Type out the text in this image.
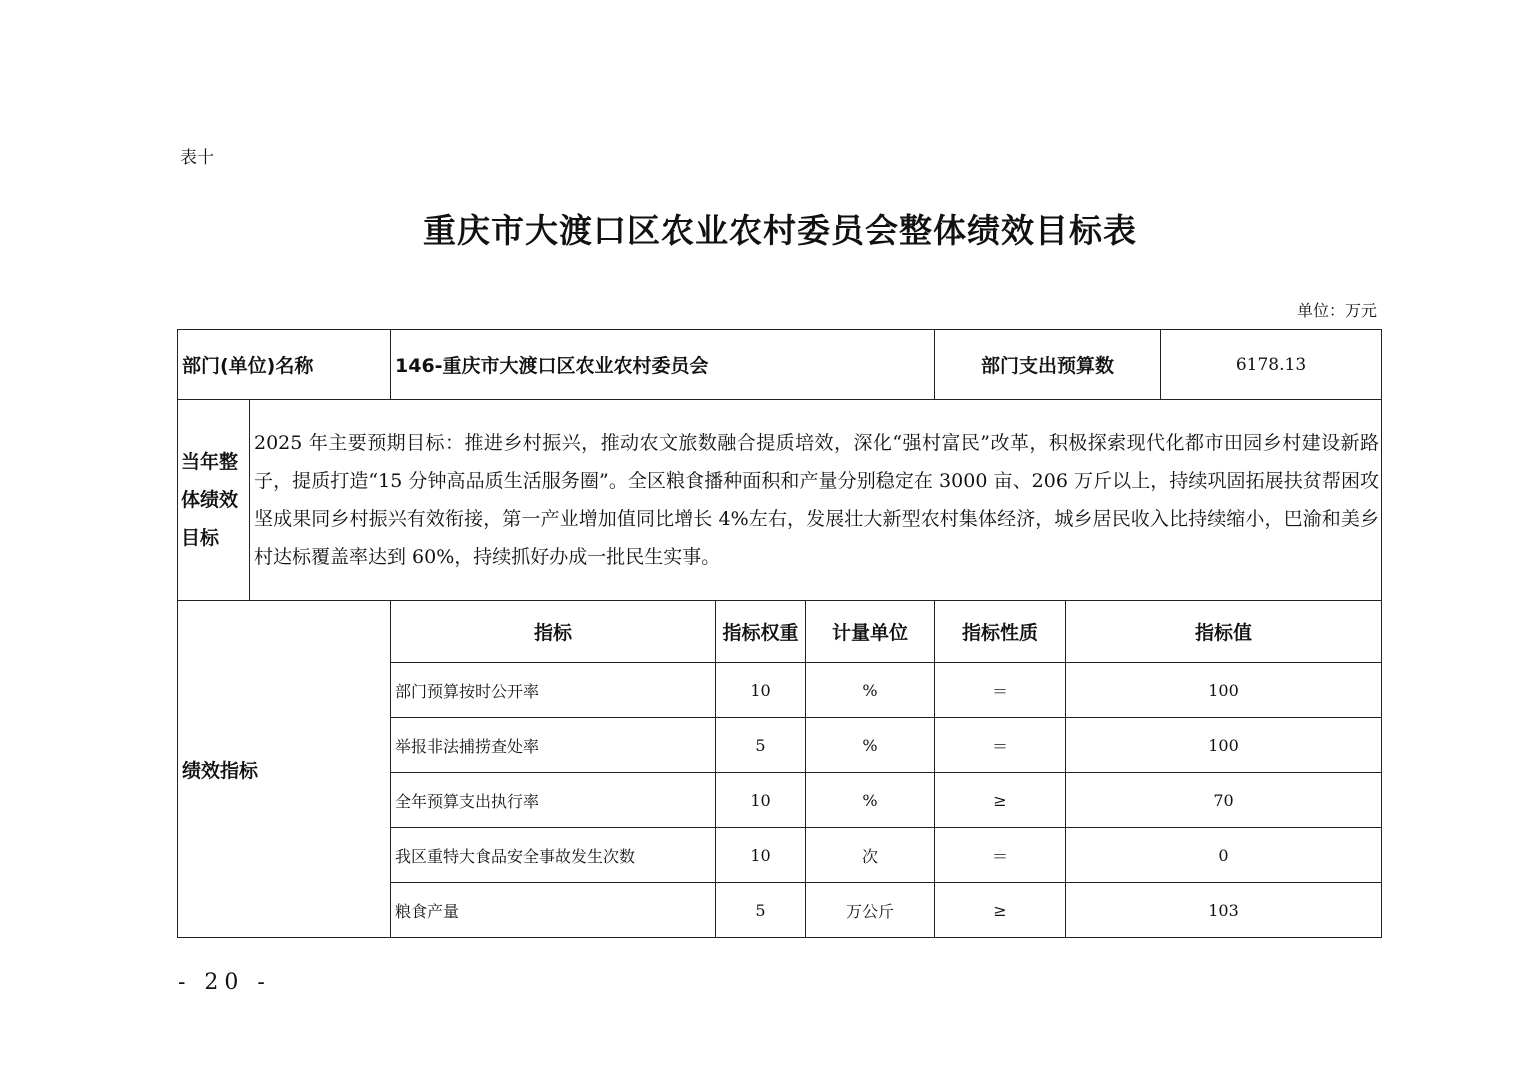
表十
重庆市大渡口区农业农村委员会整体绩效目标表
单位：万元
部门(单位)名称		146-重庆市大渡口区农业农村委员会			部门支出预算数		6178.13
当年整体绩效目标	2025 年主要预期目标：推进乡村振兴，推动农文旅数融合提质培效，深化“强村富民”改革，积极探索现代化都市田园乡村建设新路子，提质打造“15 分钟高品质生活服务圈”。全区粮食播种面积和产量分别稳定在 3000 亩、206 万斤以上，持续巩固拓展扶贫帮困攻坚成果同乡村振兴有效衔接，第一产业增加值同比增长 4%左右，发展壮大新型农村集体经济，城乡居民收入比持续缩小，巴渝和美乡村达标覆盖率达到 60%，持续抓好办成一批民生实事。						
绩效指标		指标	指标权重	计量单位	指标性质	指标值	
		部门预算按时公开率	10	%	＝	100	
		举报非法捕捞查处率	5	%	＝	100	
		全年预算支出执行率	10	%	≥	70	
		我区重特大食品安全事故发生次数	10	次	＝	0	
		粮食产量	5	万公斤	≥	103	
- 20 -
